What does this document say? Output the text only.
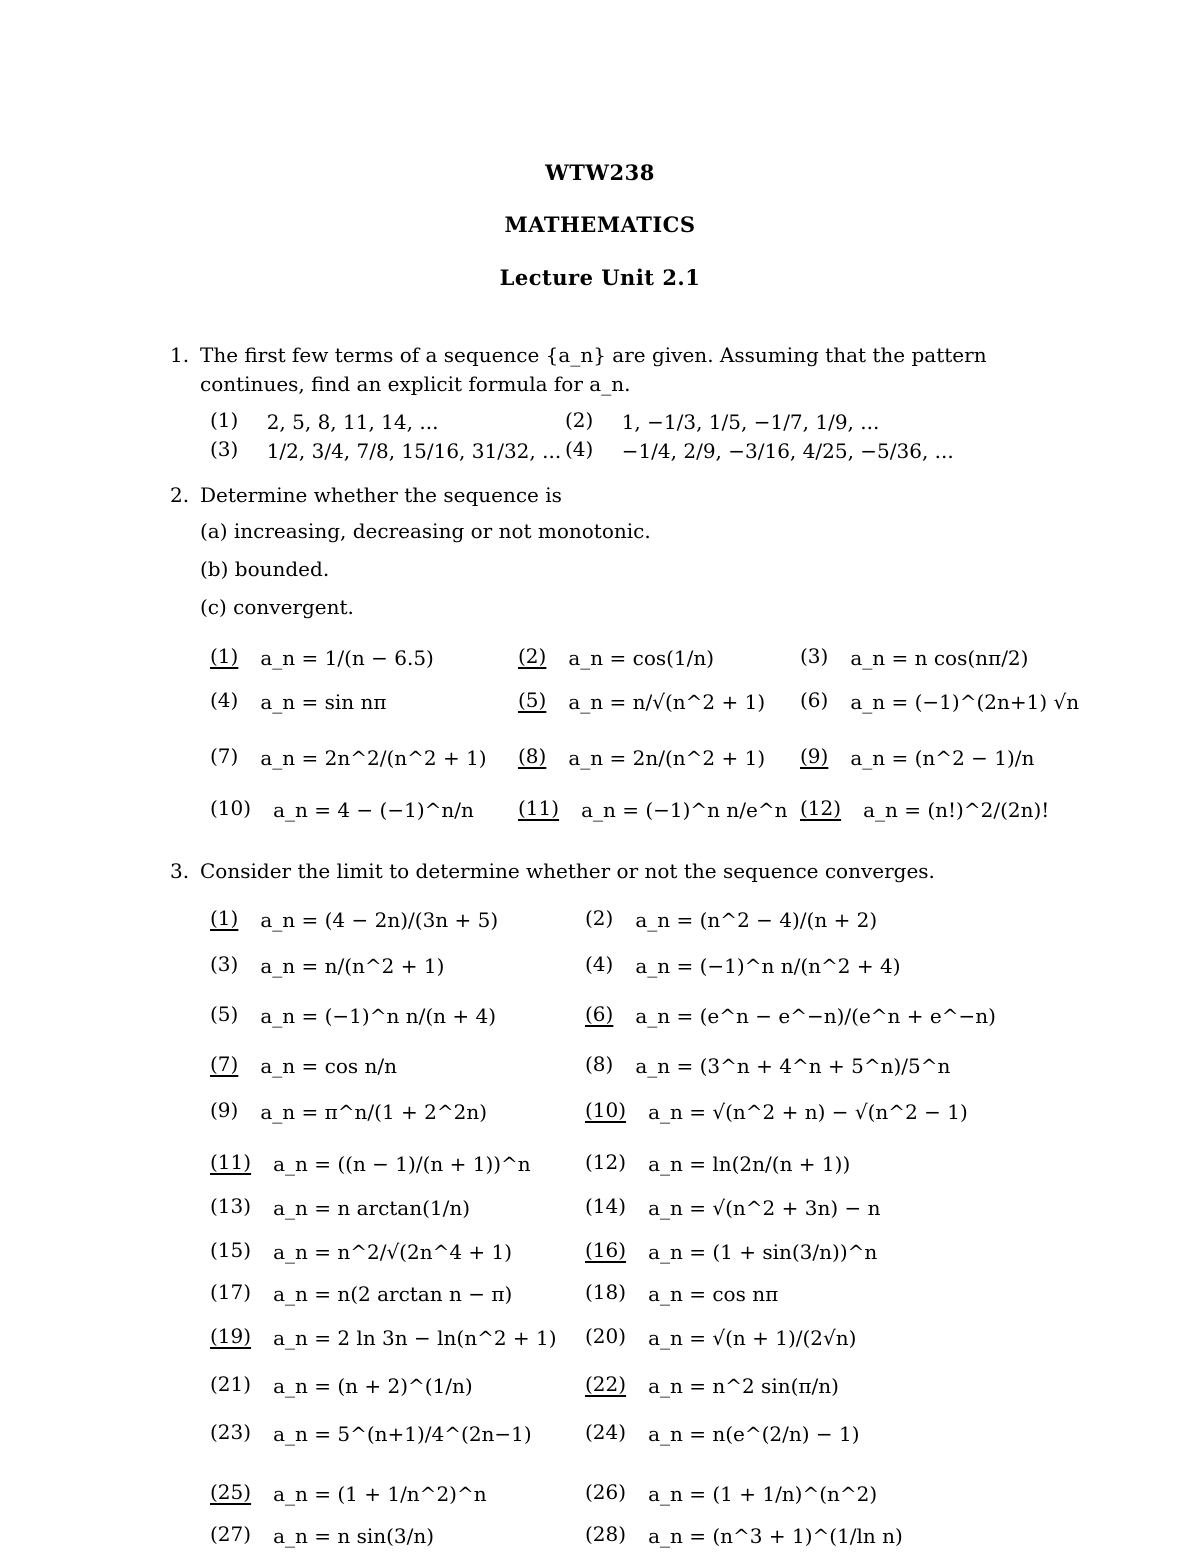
WTW238
MATHEMATICS
Lecture Unit 2.1
1. The first few terms of a sequence {a_n} are given. Assuming that the pattern continues, find an explicit formula for a_n.
(1) 2, 5, 8, 11, 14, ...	(2) 1, −1/3, 1/5, −1/7, 1/9, ...
(3) 1/2, 3/4, 7/8, 15/16, 31/32, ... (4) −1/4, 2/9, −3/16, 4/25, −5/36, ...
2. Determine whether the sequence is
(a) increasing, decreasing or not monotonic.
(b) bounded.
(c) convergent.
(1) a_n = 1/(n − 6.5)	(2) a_n = cos(1/n)	(3) a_n = n cos(nπ/2)
(4) a_n = sin nπ	(5) a_n = n/√(n^2 + 1) (6) a_n = (−1)^(2n+1) √n
(7) a_n = 2n^2/(n^2 + 1) (8) a_n = 2n/(n^2 + 1) (9) a_n = (n^2 − 1)/n
(10) a_n = 4 − (−1)^n/n (11) a_n = (−1)^n n/e^n (12) a_n = (n!)^2/(2n)!
3. Consider the limit to determine whether or not the sequence converges.
(1) a_n = (4 − 2n)/(3n + 5)	(2) a_n = (n^2 − 4)/(n + 2)
(3) a_n = n/(n^2 + 1)	(4) a_n = (−1)^n n/(n^2 + 4)
(5) a_n = (−1)^n n/(n + 4)	(6) a_n = (e^n − e^−n)/(e^n + e^−n)
(7) a_n = cos n/n	(8) a_n = (3^n + 4^n + 5^n)/5^n
(9) a_n = π^n/(1 + 2^2n)	(10) a_n = √(n^2 + n) − √(n^2 − 1)
(11) a_n = ((n − 1)/(n + 1))^n	(12) a_n = ln(2n/(n + 1))
(13) a_n = n arctan(1/n)	(14) a_n = √(n^2 + 3n) − n
(15) a_n = n^2/√(2n^4 + 1)	(16) a_n = (1 + sin(3/n))^n
(17) a_n = n(2 arctan n − π)	(18) a_n = cos nπ
(19) a_n = 2 ln 3n − ln(n^2 + 1) (20) a_n = √(n + 1)/(2√n)
(21) a_n = (n + 2)^(1/n)	(22) a_n = n^2 sin(π/n)
(23) a_n = 5^(n+1)/4^(2n−1)	(24) a_n = n(e^(2/n) − 1)
(25) a_n = (1 + 1/n^2)^n	(26) a_n = (1 + 1/n)^(n^2)
(27) a_n = n sin(3/n)	(28) a_n = (n^3 + 1)^(1/ln n)
